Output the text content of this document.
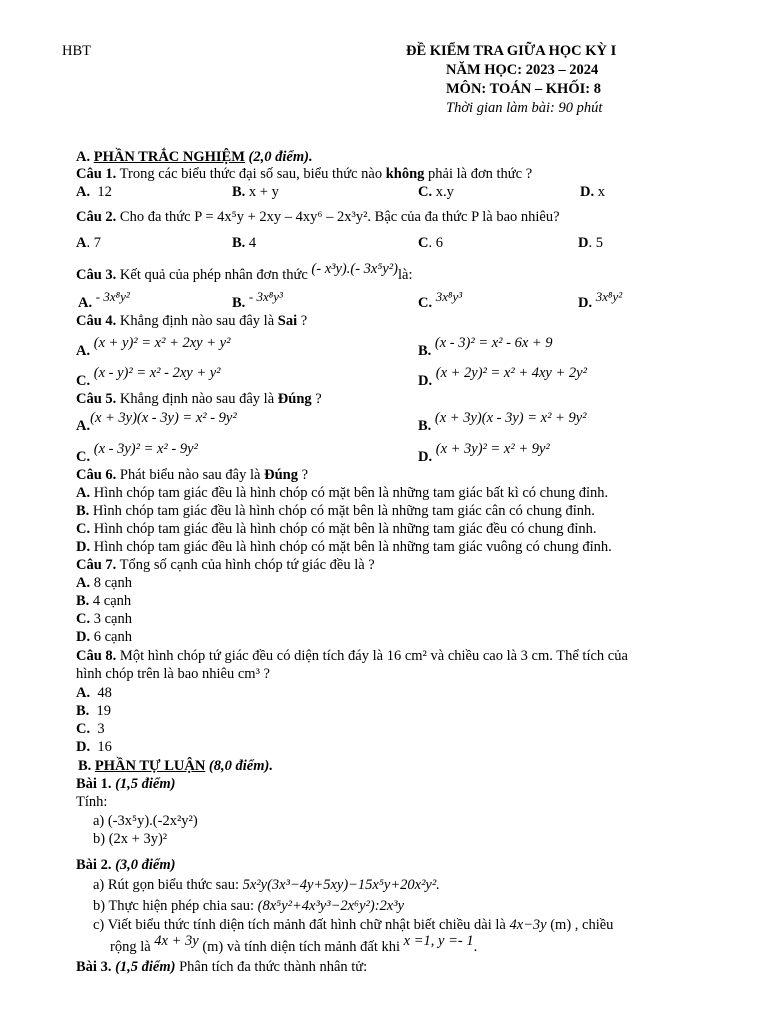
HBT	ĐỀ KIỂM TRA GIỮA HỌC KỲ I
NĂM HỌC: 2023 – 2024
MÔN: TOÁN – KHỐI: 8
Thời gian làm bài: 90 phút
A. PHẦN TRẮC NGHIỆM (2,0 điểm).
Câu 1. Trong các biểu thức đại số sau, biểu thức nào không phải là đơn thức ?
A. 12	B. x + y	C. x.y	D. x
Câu 2. Cho đa thức P = 4x⁵y + 2xy – 4xy⁶ – 2x³y². Bậc của đa thức P là bao nhiêu?
A. 7	B. 4	C. 6	D. 5
Câu 3. Kết quả của phép nhân đơn thức (- x³y).(- 3x⁵y²)là:
A. - 3x⁸y²	B. - 3x⁸y³	C. 3x⁸y³	D. 3x⁸y²
Câu 4. Khẳng định nào sau đây là Sai ?
A. (x + y)² = x² + 2xy + y²	B. (x - 3)² = x² - 6x + 9
C. (x - y)² = x² - 2xy + y²	D. (x + 2y)² = x² + 4xy + 2y²
Câu 5. Khẳng định nào sau đây là Đúng ?
A.(x + 3y)(x - 3y) = x² - 9y²	B. (x + 3y)(x - 3y) = x² + 9y²
C. (x - 3y)² = x² - 9y²	D. (x + 3y)² = x² + 9y²
Câu 6. Phát biểu nào sau đây là Đúng ?
A. Hình chóp tam giác đều là hình chóp có mặt bên là những tam giác bất kì có chung đỉnh.
B. Hình chóp tam giác đều là hình chóp có mặt bên là những tam giác cân có chung đỉnh.
C. Hình chóp tam giác đều là hình chóp có mặt bên là những tam giác đều có chung đỉnh.
D. Hình chóp tam giác đều là hình chóp có mặt bên là những tam giác vuông có chung đỉnh.
Câu 7. Tổng số cạnh của hình chóp tứ giác đều là ?
A. 8 cạnh
B. 4 cạnh
C. 3 cạnh
D. 6 cạnh
Câu 8. Một hình chóp tứ giác đều có diện tích đáy là 16 cm² và chiều cao là 3 cm. Thể tích của
hình chóp trên là bao nhiêu cm³ ?
A. 48
B. 19
C. 3
D. 16
B. PHẦN TỰ LUẬN (8,0 điểm).
Bài 1. (1,5 điểm)
Tính:
a) (-3x⁵y).(-2x²y²)
b) (2x + 3y)²
Bài 2. (3,0 điểm)
a) Rút gọn biểu thức sau: 5x²y(3x³−4y+5xy)−15x⁵y+20x²y².
b) Thực hiện phép chia sau: (8x⁵y²+4x³y³−2x⁶y²):2x³y
c) Viết biểu thức tính diện tích mảnh đất hình chữ nhật biết chiều dài là 4x−3y (m) , chiều
rộng là 4x + 3y (m) và tính diện tích mảnh đất khi x =1, y =- 1.
Bài 3. (1,5 điểm) Phân tích đa thức thành nhân tử:
